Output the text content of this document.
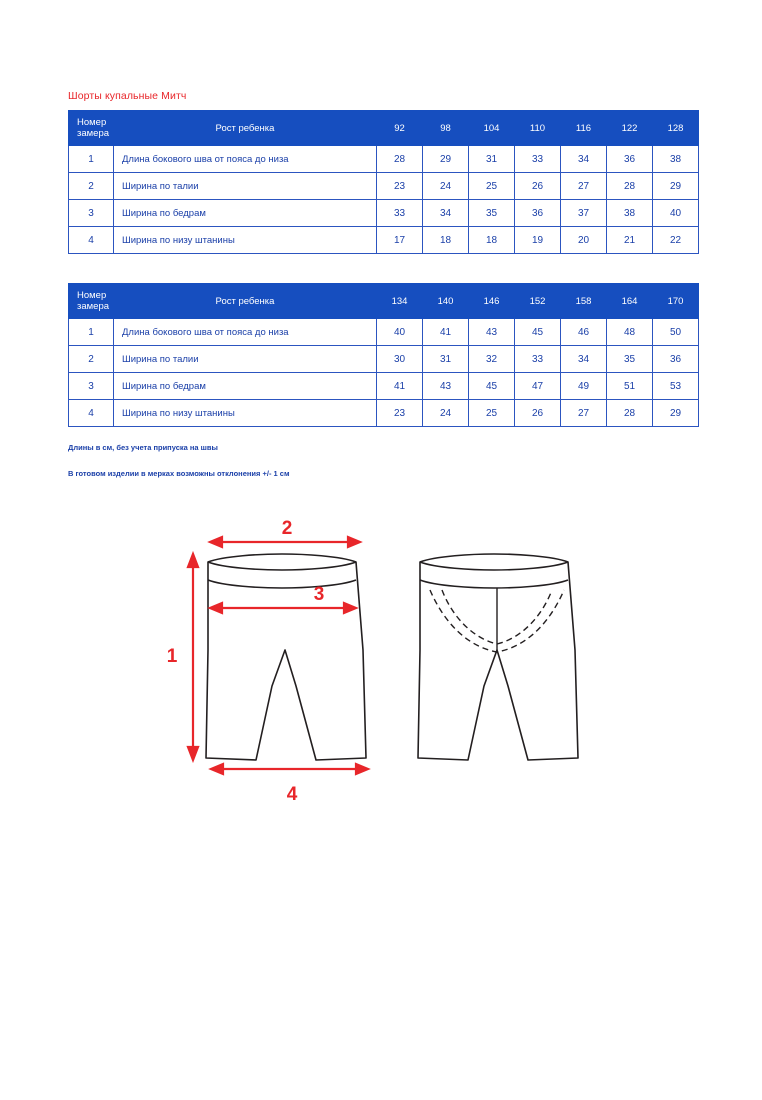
Шорты купальные Митч
Номер
замера	Рост ребенка	92	98	104	110	116	122	128
1	Длина бокового шва от пояса до низа	28	29	31	33	34	36	38
2	Ширина по талии	23	24	25	26	27	28	29
3	Ширина по бедрам	33	34	35	36	37	38	40
4	Ширина по низу штанины	17	18	18	19	20	21	22
Номер
замера	Рост ребенка	134	140	146	152	158	164	170
1	Длина бокового шва от пояса до низа	40	41	43	45	46	48	50
2	Ширина по талии	30	31	32	33	34	35	36
3	Ширина по бедрам	41	43	45	47	49	51	53
4	Ширина по низу штанины	23	24	25	26	27	28	29
Длины в см, без учета припуска на швы
В готовом изделии в мерках возможны отклонения +/- 1 см
2
3
1
4
